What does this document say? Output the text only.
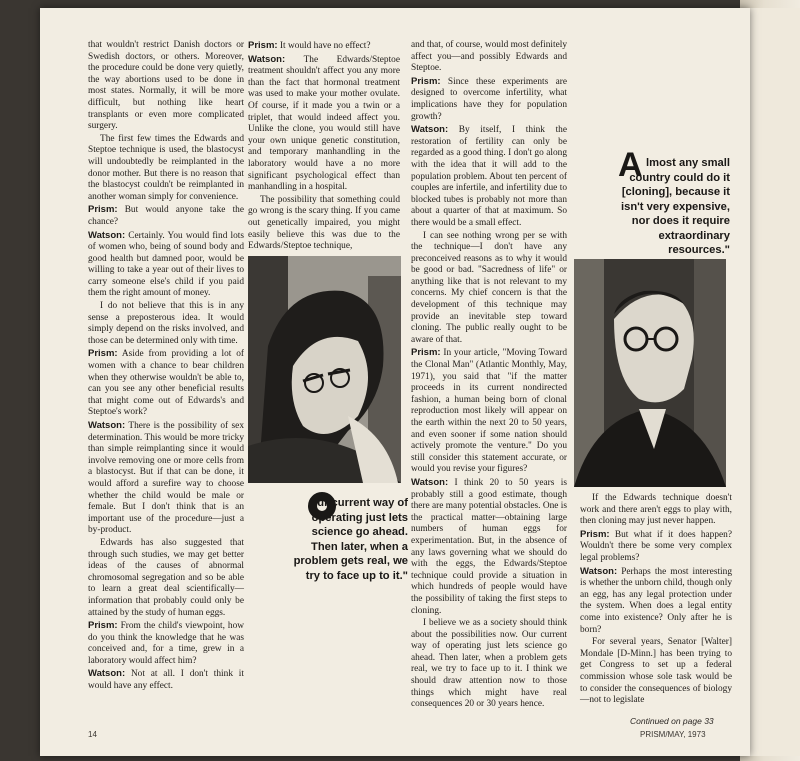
that wouldn't restrict Danish doctors or Swedish doctors, or others. Moreover, the procedure could be done very quietly, the way abortions used to be done in most states. Normally, it will be more difficult, but nothing like heart transplants or even more complicated surgery.

The first few times the Edwards and Steptoe technique is used, the blastocyst will undoubtedly be reimplanted in the donor mother. But there is no reason that the blastocyst couldn't be reimplanted in another woman simply for convenience.

Prism: But would anyone take the chance?

Watson: Certainly. You would find lots of women who, being of sound body and good health but damned poor, would be willing to take a year out of their lives to carry someone else's child if you paid them the right amount of money.

I do not believe that this is in any sense a preposterous idea. It would simply depend on the risks involved, and those can be determined only with time.

Prism: Aside from providing a lot of women with a chance to bear children when they otherwise wouldn't be able to, can you see any other beneficial results that might come out of Edwards's and Steptoe's work?

Watson: There is the possibility of sex determination. This would be more tricky than simple reimplanting since it would involve removing one or more cells from a blastocyst. But if that can be done, it would afford a surefire way to choose whether the child would be male or female. But I don't think that is an important use of the procedure—just a by-product.

Edwards has also suggested that through such studies, we may get better ideas of the causes of abnormal chromosomal segregation and so be able to learn a great deal scientifically—information that probably could only be attained by the study of human eggs.

Prism: From the child's viewpoint, how do you think the knowledge that he was conceived and, for a time, grew in a laboratory would affect him?

Watson: Not at all. I don't think it would have any effect.

Prism: It would have no effect?

Watson: The Edwards/Steptoe treatment shouldn't affect you any more than the fact that hormonal treatment was used to make your mother ovulate. Of course, if it made you a twin or a triplet, that would indeed affect you. Unlike the clone, you would still have your own unique genetic constitution, and temporary manhandling in the laboratory would have a no more significant psychological effect than manhandling in a hospital.

The possibility that something could go wrong is the scary thing. If you came out genetically impaired, you might easily believe this was due to the Edwards/Steptoe technique,

ur current way of operating just lets science go ahead. Then later, when a problem gets real, we try to face up to it."

and that, of course, would most definitely affect you—and possibly Edwards and Steptoe.

Prism: Since these experiments are designed to overcome infertility, what implications have they for population growth?

Watson: By itself, I think the restoration of fertility can only be regarded as a good thing. I don't go along with the idea that it will add to the population problem. About ten percent of couples are infertile, and infertility due to blocked tubes is probably not more than about a quarter of that at maximum. So there would be a small effect.

I can see nothing wrong per se with the technique—I don't have any preconceived reasons as to why it would be good or bad. "Sacredness of life" or anything like that is not relevant to my concerns. My chief concern is that the development of this technique may provide an inevitable step toward cloning. The public really ought to be aware of that.

Prism: In your article, "Moving Toward the Clonal Man" (Atlantic Monthly, May, 1971), you said that "if the matter proceeds in its current nondirected fashion, a human being born of clonal reproduction most likely will appear on the earth within the next 20 to 50 years, and even sooner if some nation should actively promote the venture." Do you still consider this statement accurate, or would you revise your figures?

Watson: I think 20 to 50 years is probably still a good estimate, though there are many potential obstacles. One is the practical matter—obtaining large numbers of human eggs for experimentation. But, in the absence of any laws governing what we should do with the eggs, the Edwards/Steptoe technique could provide a situation in which hundreds of people would have the possibility of taking the first steps to cloning.

I believe we as a society should think about the possibilities now. Our current way of operating just lets science go ahead. Then later, when a problem gets real, we try to face up to it. I think we should draw attention now to those things which might have real consequences 20 or 30 years hence.

A lmost any small country could do it [cloning], because it isn't very expensive, nor does it require extraordinary resources."

If the Edwards technique doesn't work and there aren't eggs to play with, then cloning may just never happen.

Prism: But what if it does happen? Wouldn't there be some very complex legal problems?

Watson: Perhaps the most interesting is whether the unborn child, though only an egg, has any legal protection under the system. When does a legal entity come into existence? Only after he is born?

For several years, Senator [Walter] Mondale [D-Minn.] has been trying to get Congress to set up a federal commission whose sole task would be to consider the consequences of biology—not to legislate

Continued on page 33
14	PRISM/MAY, 1973
